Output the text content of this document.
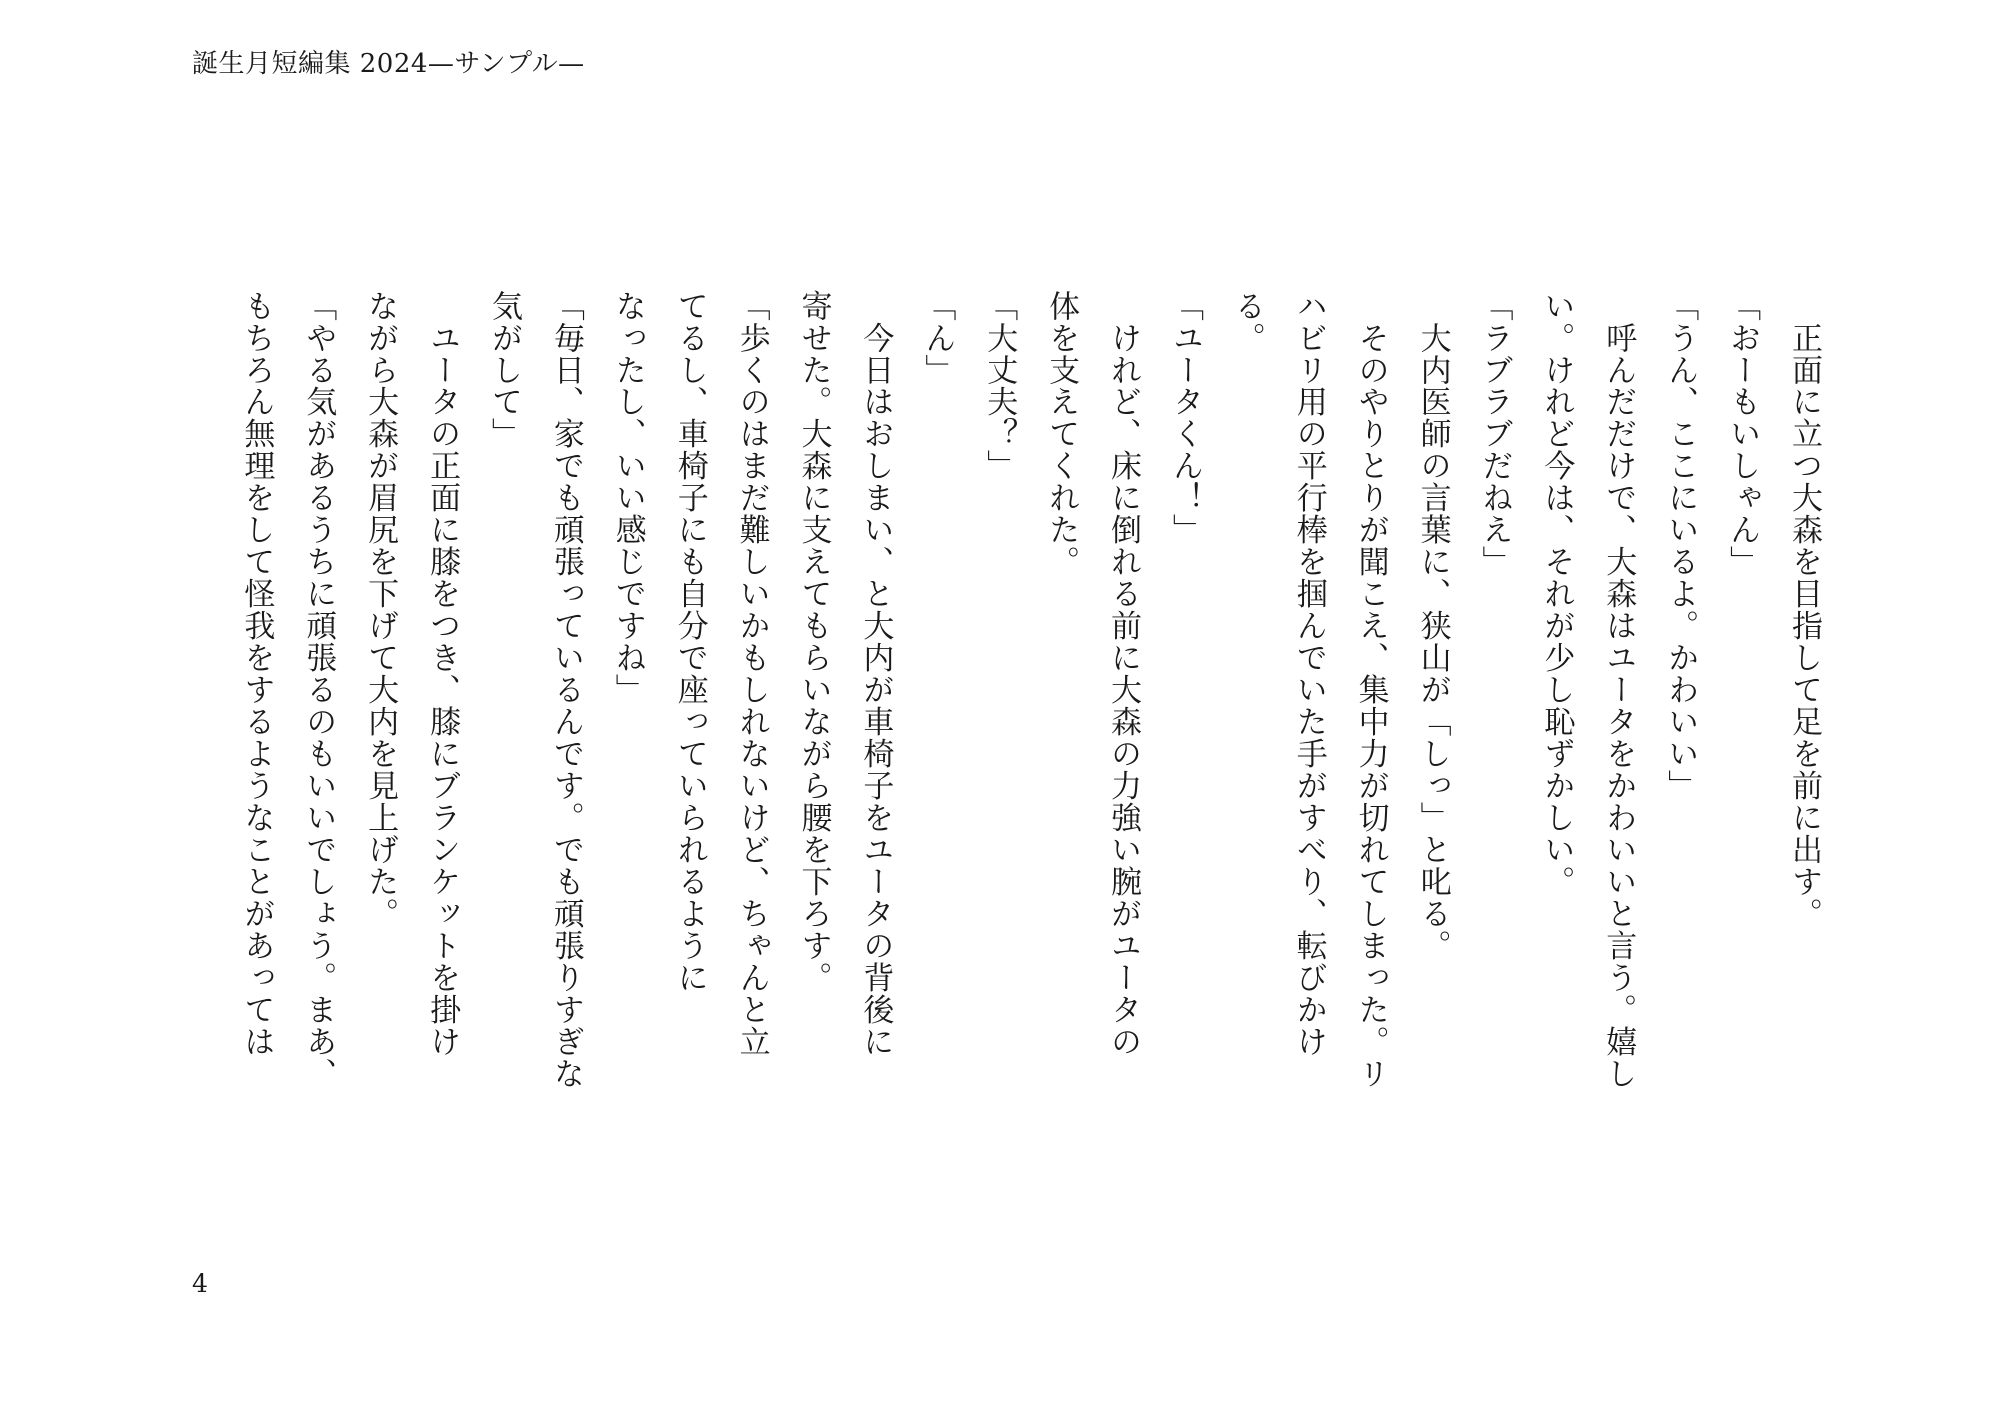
誕生月短編集 2024—サンプル—
　正面に立つ大森を目指して足を前に出す。
「おーもいしゃん」
「うん、ここにいるよ。かわいい」
　呼んだだけで、大森はユータをかわいいと言う。嬉し
い。けれど今は、それが少し恥ずかしい。
「ラブラブだねえ」
　大内医師の言葉に、狭山が「しっ」と叱る。
　そのやりとりが聞こえ、集中力が切れてしまった。リ
ハビリ用の平行棒を掴んでいた手がすべり、転びかけ
る。
「ユータくん！」
　けれど、床に倒れる前に大森の力強い腕がユータの
体を支えてくれた。
「大丈夫？」
「ん」
　今日はおしまい、と大内が車椅子をユータの背後に
寄せた。大森に支えてもらいながら腰を下ろす。
「歩くのはまだ難しいかもしれないけど、ちゃんと立
てるし、車椅子にも自分で座っていられるように
なったし、いい感じですね」
「毎日、家でも頑張っているんです。でも頑張りすぎな
気がして」
　ユータの正面に膝をつき、膝にブランケットを掛け
ながら大森が眉尻を下げて大内を見上げた。
「やる気があるうちに頑張るのもいいでしょう。まあ、
もちろん無理をして怪我をするようなことがあっては
4
